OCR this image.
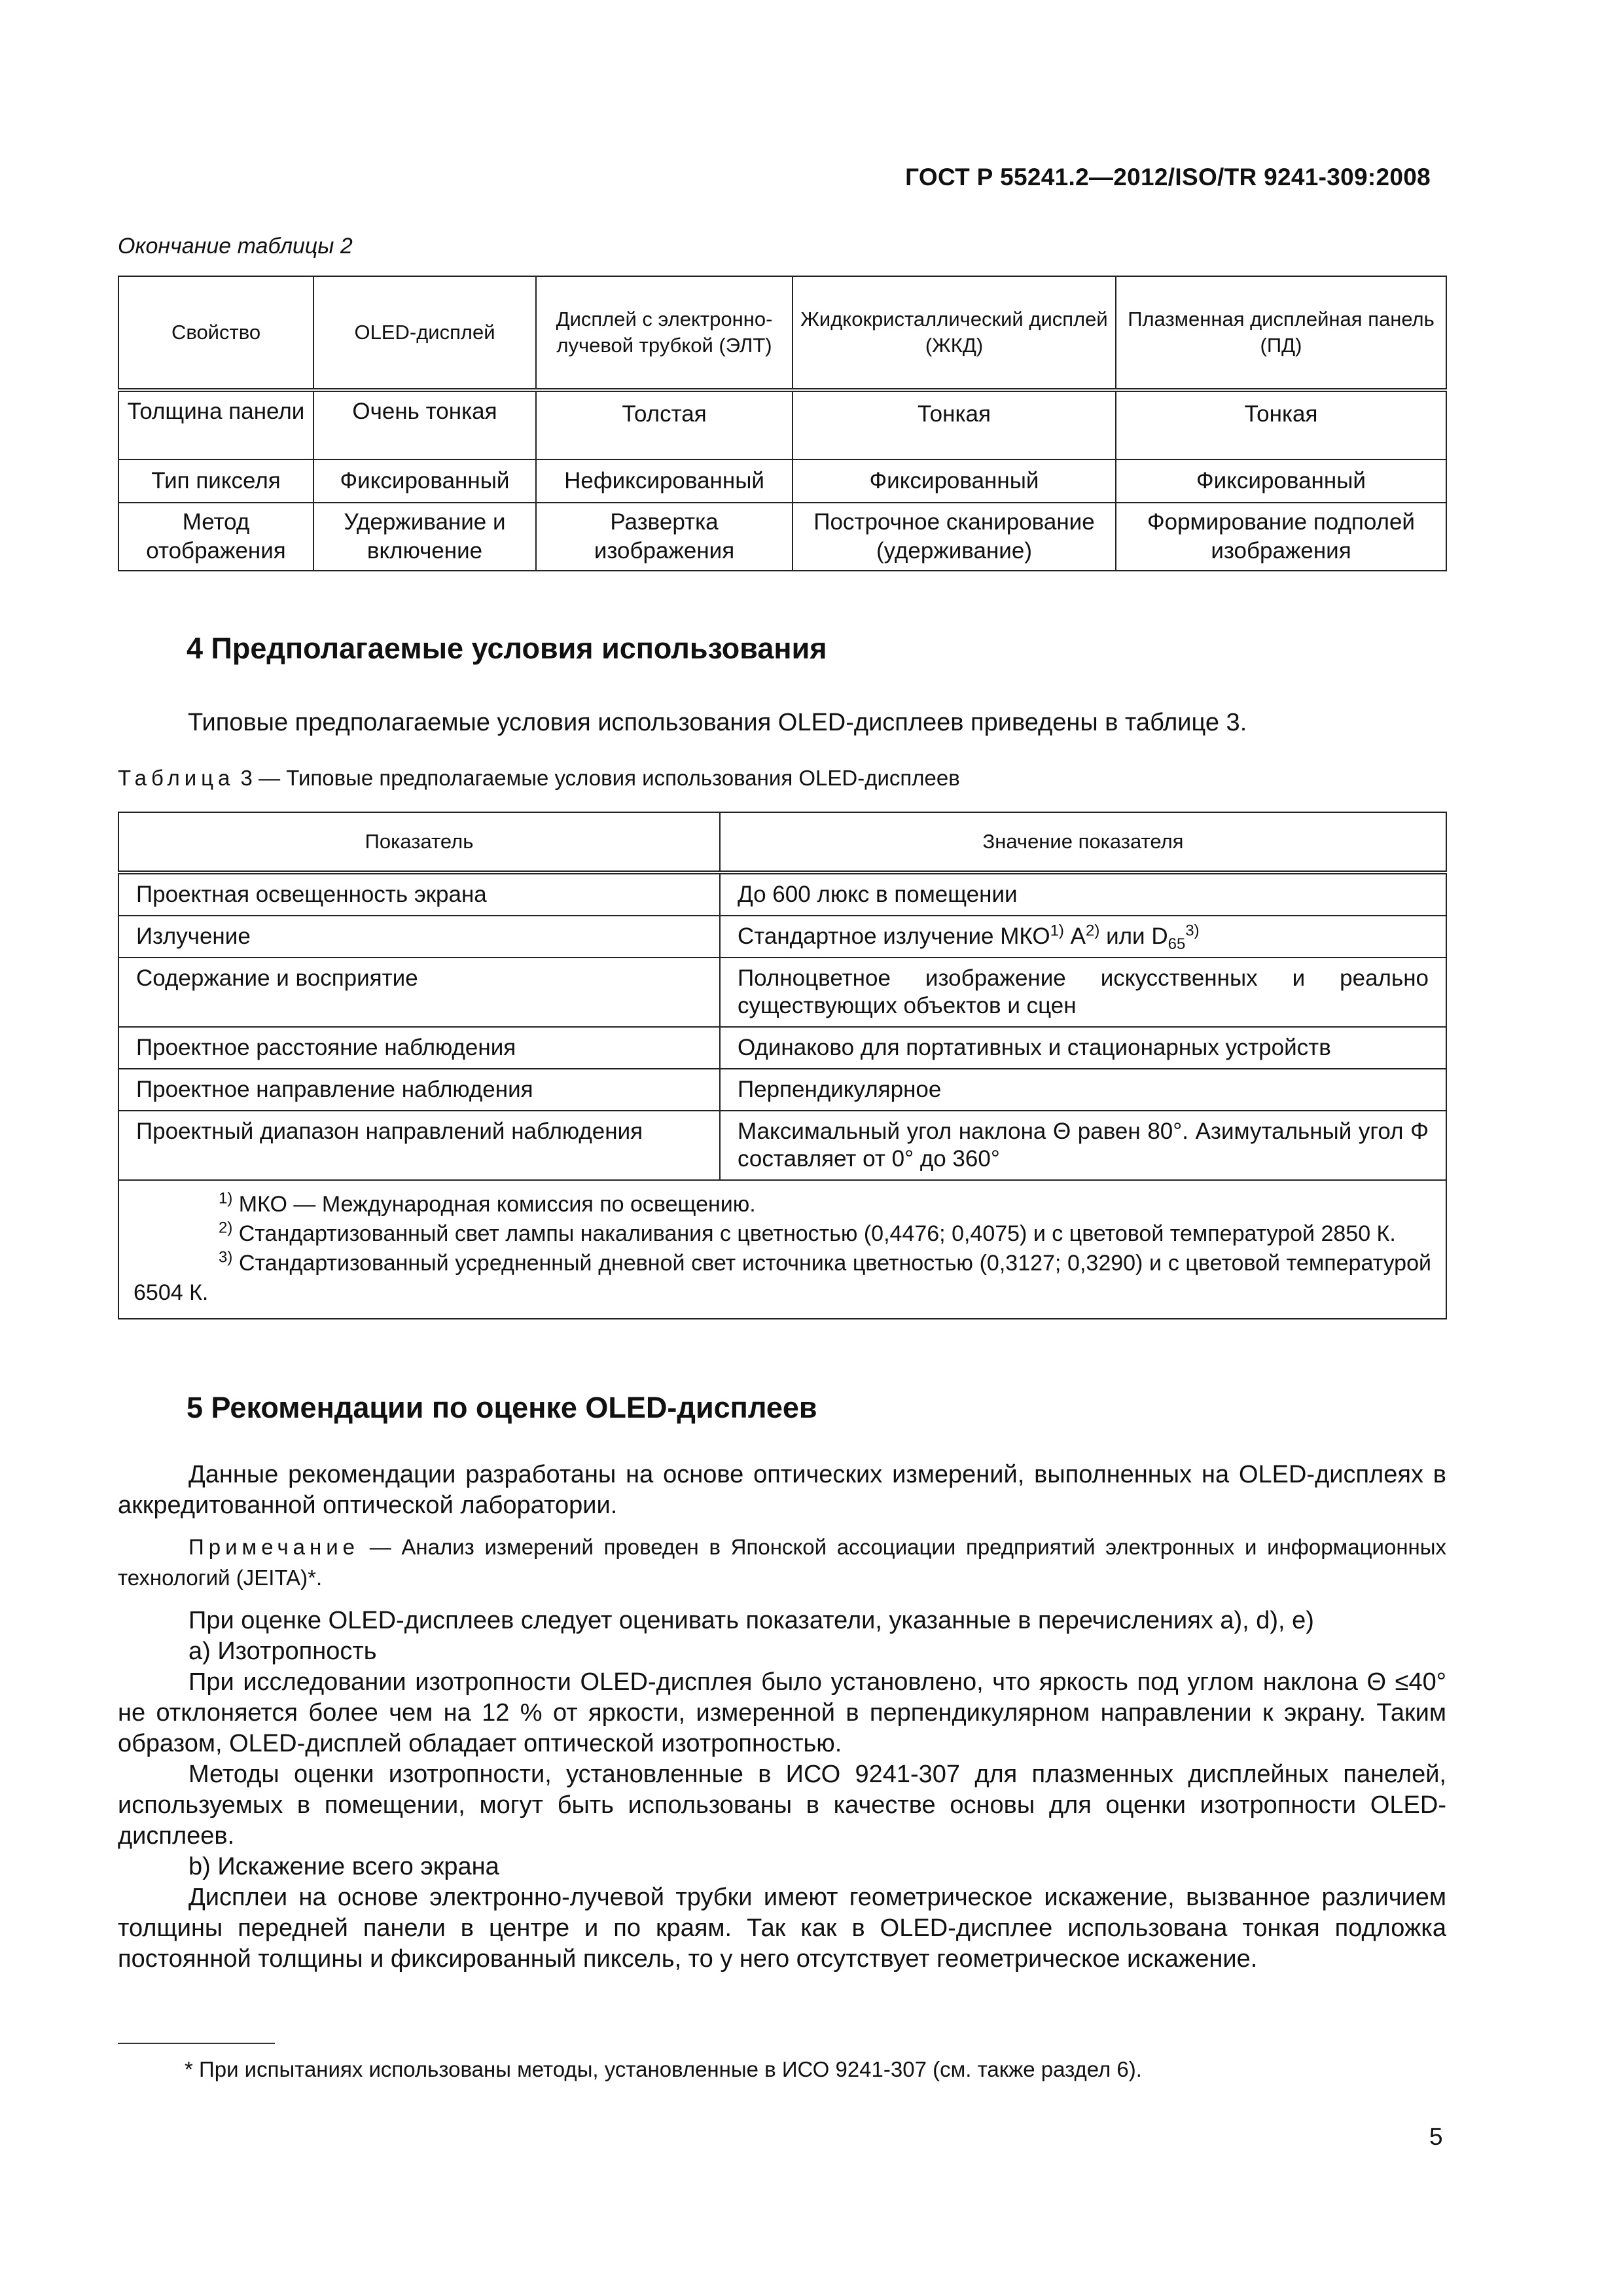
ГОСТ Р 55241.2—2012/ISO/TR 9241-309:2008
Окончание таблицы 2
Свойство	OLED-дисплей	Дисплей с электронно-лучевой трубкой (ЭЛТ)	Жидкокристаллический дисплей (ЖКД)	Плазменная дисплейная панель (ПД)
Толщина панели	Очень тонкая	Толстая	Тонкая	Тонкая
Тип пикселя	Фиксированный	Нефиксированный	Фиксированный	Фиксированный
Метод отображения	Удерживание и включение	Развертка изображения	Построчное сканирование (удерживание)	Формирование подполей изображения
4 Предполагаемые условия использования
Типовые предполагаемые условия использования OLED-дисплеев приведены в таблице 3.
Таблица 3 — Типовые предполагаемые условия использования OLED-дисплеев
Показатель	Значение показателя
Проектная освещенность экрана	До 600 люкс в помещении
Излучение	Стандартное излучение МКО$^{1)}$ $A^{2)}$ или $D_{65}^{3)}$
Содержание и восприятие	Полноцветное изображение искусственных и реально существующих объектов и сцен
Проектное расстояние наблюдения	Одинаково для портативных и стационарных устройств
Проектное направление наблюдения	Перпендикулярное
Проектный диапазон направлений наблюдения	Максимальный угол наклона Θ равен 80°. Азимутальный угол Φ составляет от 0° до 360°

$^{1)}$ МКО — Международная комиссия по освещению.
$^{2)}$ Стандартизованный свет лампы накаливания с цветностью (0,4476; 0,4075) и с цветовой температурой 2850 К.
$^{3)}$ Стандартизованный усредненный дневной свет источника цветностью (0,3127; 0,3290) и с цветовой температурой 6504 К.	
5 Рекомендации по оценке OLED-дисплеев
Данные рекомендации разработаны на основе оптических измерений, выполненных на OLED-дисплеях в аккредитованной оптической лаборатории.
Примечание — Анализ измерений проведен в Японской ассоциации предприятий электронных и информационных технологий (JEITA)*.
При оценке OLED-дисплеев следует оценивать показатели, указанные в перечислениях a), d), e)
a) Изотропность
При исследовании изотропности OLED-дисплея было установлено, что яркость под углом наклона Θ ≤40° не отклоняется более чем на 12 % от яркости, измеренной в перпендикулярном направлении к экрану. Таким образом, OLED-дисплей обладает оптической изотропностью.
Методы оценки изотропности, установленные в ИСО 9241-307 для плазменных дисплейных панелей, используемых в помещении, могут быть использованы в качестве основы для оценки изотропности OLED-дисплеев.
b) Искажение всего экрана
Дисплеи на основе электронно-лучевой трубки имеют геометрическое искажение, вызванное различием толщины передней панели в центре и по краям. Так как в OLED-дисплее использована тонкая подложка постоянной толщины и фиксированный пиксель, то у него отсутствует геометрическое искажение.
* При испытаниях использованы методы, установленные в ИСО 9241-307 (см. также раздел 6).
5
